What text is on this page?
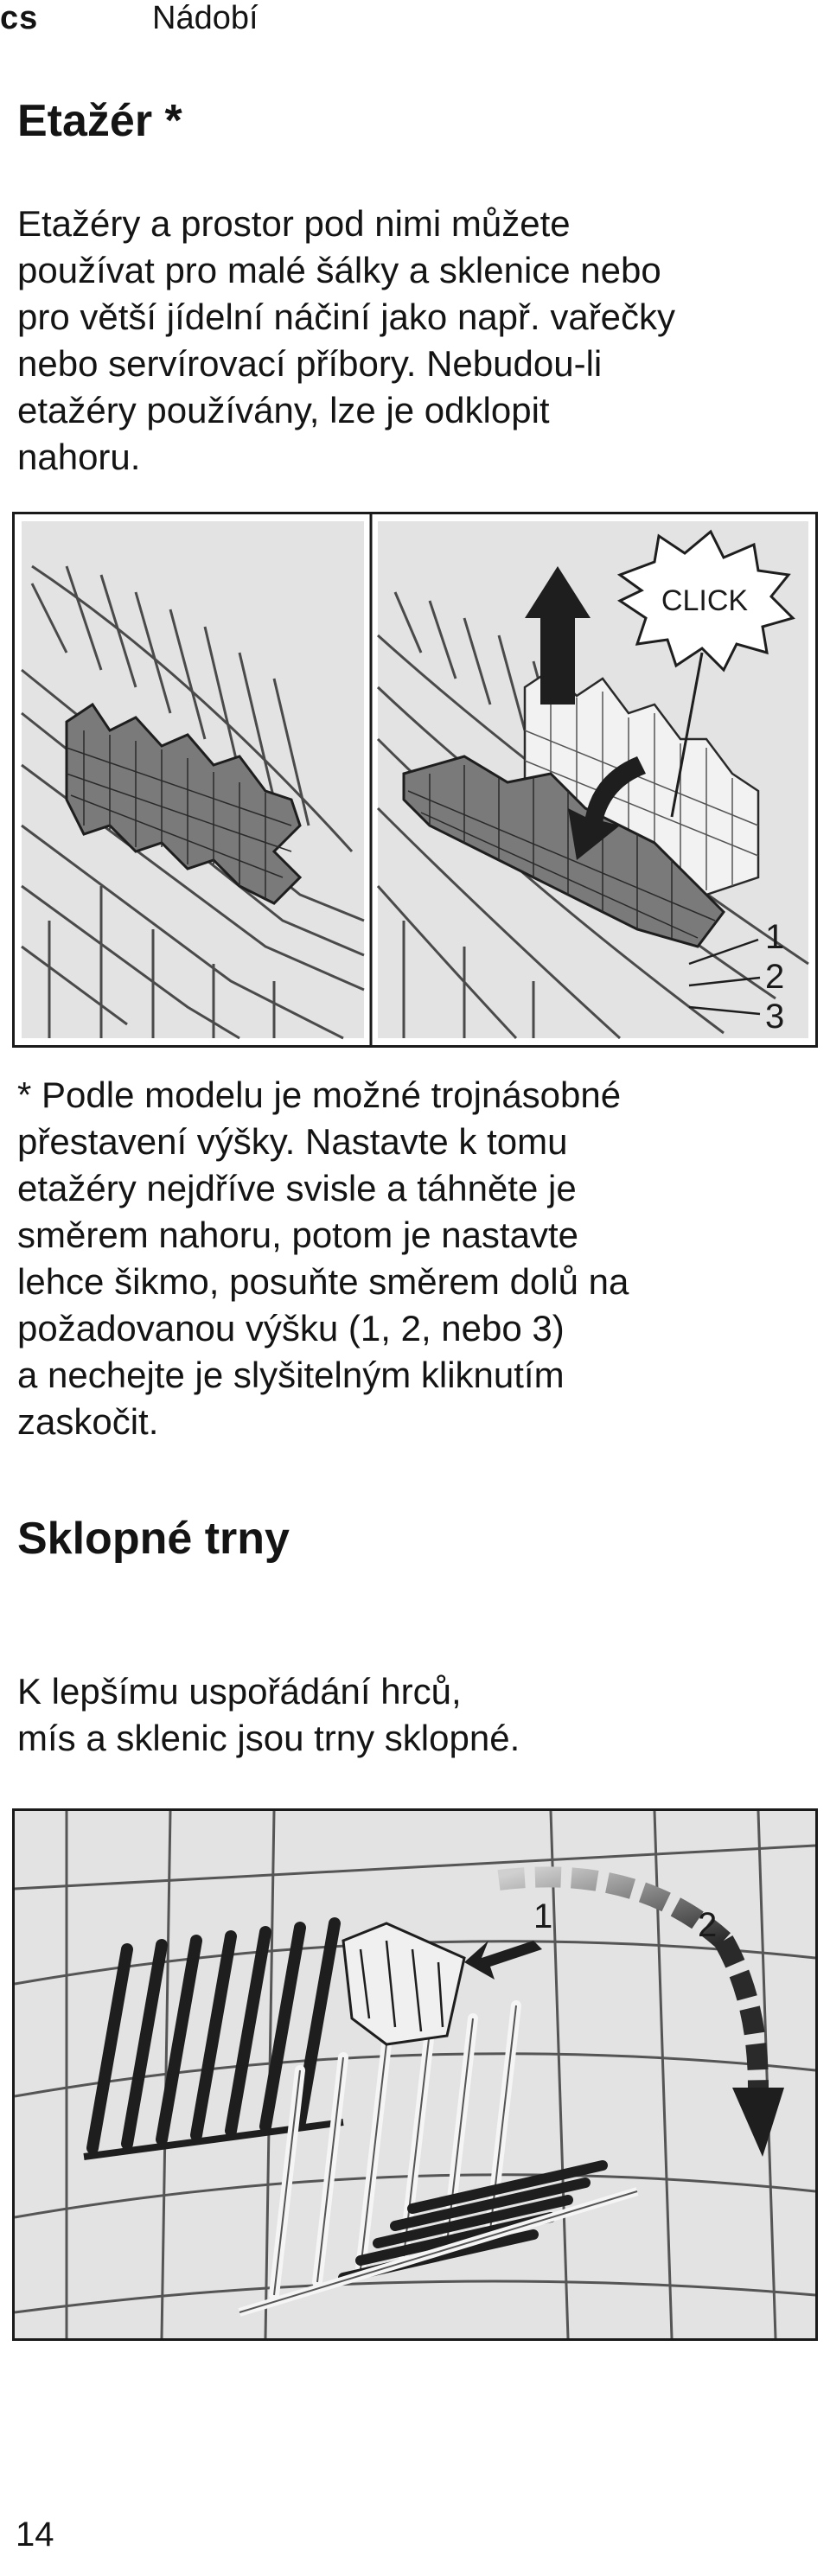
cs	Nádobí
Etažér *
Etažéry a prostor pod nimi můžete
používat pro malé šálky a sklenice nebo
pro větší jídelní náčiní jako např. vařečky
nebo servírovací příbory. Nebudou-li
etažéry používány, lze je odklopit
nahoru.
CLICK
1
2
3
* Podle modelu je možné trojnásobné
přestavení výšky. Nastavte k tomu
etažéry nejdříve svisle a táhněte je
směrem nahoru, potom je nastavte
lehce šikmo, posuňte směrem dolů na
požadovanou výšku (1, 2, nebo 3)
a nechejte je slyšitelným kliknutím
zaskočit.
Sklopné trny
K lepšímu uspořádání hrců,
mís a sklenic jsou trny sklopné.
1	2
14
